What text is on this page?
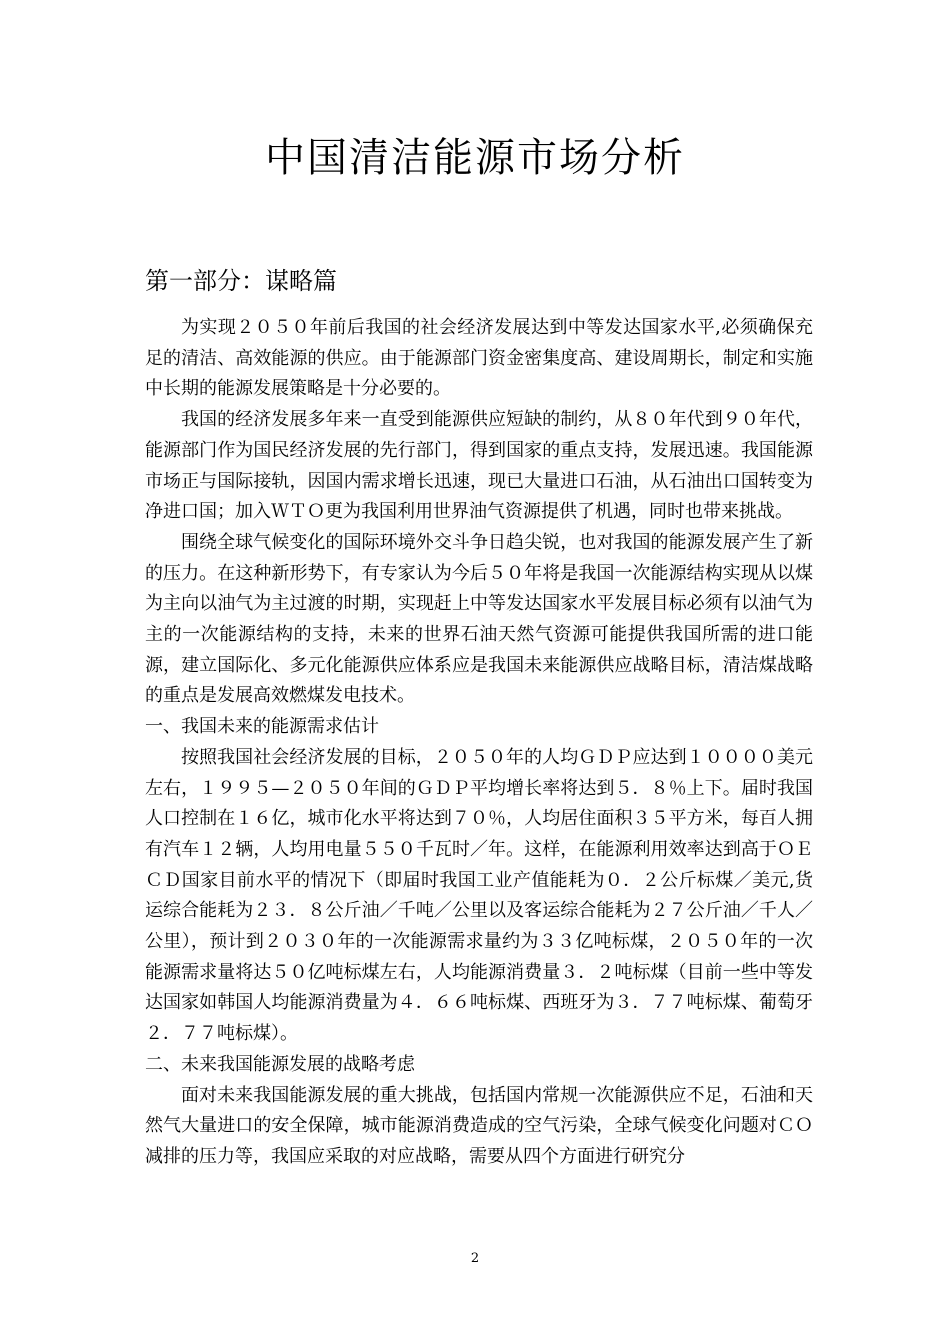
中国清洁能源市场分析
第一部分：谋略篇

为实现２０５０年前后我国的社会经济发展达到中等发达国家水平,必须确保充足的清洁、高效能源的供应。由于能源部门资金密集度高、建设周期长，制定和实施中长期的能源发展策略是十分必要的。

我国的经济发展多年来一直受到能源供应短缺的制约，从８０年代到９０年代，能源部门作为国民经济发展的先行部门，得到国家的重点支持，发展迅速。我国能源市场正与国际接轨，因国内需求增长迅速，现已大量进口石油，从石油出口国转变为净进口国；加入ＷＴＯ更为我国利用世界油气资源提供了机遇，同时也带来挑战。

围绕全球气候变化的国际环境外交斗争日趋尖锐，也对我国的能源发展产生了新的压力。在这种新形势下，有专家认为今后５０年将是我国一次能源结构实现从以煤为主向以油气为主过渡的时期，实现赶上中等发达国家水平发展目标必须有以油气为主的一次能源结构的支持，未来的世界石油天然气资源可能提供我国所需的进口能源，建立国际化、多元化能源供应体系应是我国未来能源供应战略目标，清洁煤战略的重点是发展高效燃煤发电技术。

一、我国未来的能源需求估计

按照我国社会经济发展的目标，２０５０年的人均ＧＤＰ应达到１００００美元左右，１９９５—２０５０年间的ＧＤＰ平均增长率将达到５．８％上下。届时我国人口控制在１６亿，城市化水平将达到７０％，人均居住面积３５平方米，每百人拥有汽车１２辆，人均用电量５５０千瓦时／年。这样，在能源利用效率达到高于ＯＥＣＤ国家目前水平的情况下（即届时我国工业产值能耗为０．２公斤标煤／美元,货运综合能耗为２３．８公斤油／千吨／公里以及客运综合能耗为２７公斤油／千人／公里），预计到２０３０年的一次能源需求量约为３３亿吨标煤，２０５０年的一次能源需求量将达５０亿吨标煤左右，人均能源消费量３．２吨标煤（目前一些中等发达国家如韩国人均能源消费量为４．６６吨标煤、西班牙为３．７７吨标煤、葡萄牙２．７７吨标煤）。

二、未来我国能源发展的战略考虑

面对未来我国能源发展的重大挑战，包括国内常规一次能源供应不足，石油和天然气大量进口的安全保障，城市能源消费造成的空气污染，全球气候变化问题对ＣＯ 减排的压力等，我国应采取的对应战略，需要从四个方面进行研究分

2
